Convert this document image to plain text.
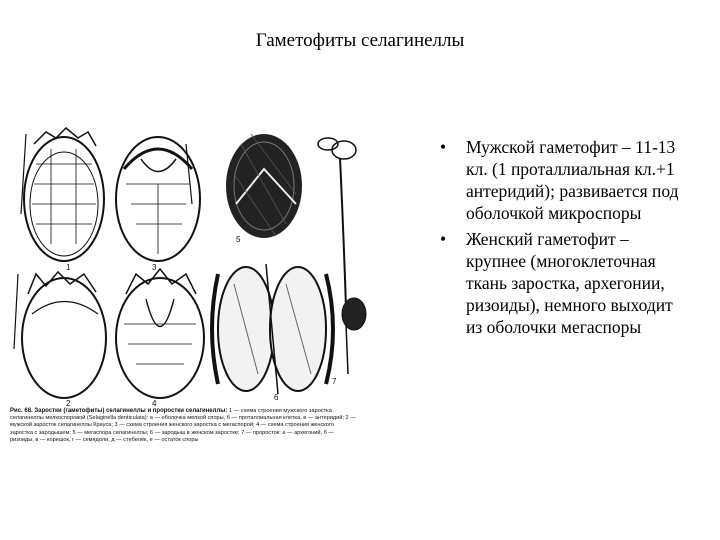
Гаметофиты селагинеллы
1
2
3
4
5
6
7
Рис. 68. Заростки (гаметофиты) селагинеллы и проростки селагинеллы: 1 — схема строения мужского заростка селагинеллы мелкоспоровой (Selaginella denticulata): а — оболочка мелкой споры, б — проталлиальная клетка, в — антеридий; 2 — мужской заросток селагинеллы Крауса; 3 — схема строения женского заростка с мегаспорой; 4 — схема строения женского заростка с зародышем; 5 — мегаспора селагинеллы; 6 — зародыш в женском заростке; 7 — проросток: а — архегоний, б — ризоиды, в — корешок, г — семядоли, д — стебелёк, е — остаток споры
• Мужской гаметофит – 11-13 кл. (1 проталлиальная кл.+1 антеридий); развивается под оболочкой микроспоры
• Женский гаметофит – крупнее (многоклеточная ткань заростка, архегонии, ризоиды), немного выходит из оболочки мегаспоры
